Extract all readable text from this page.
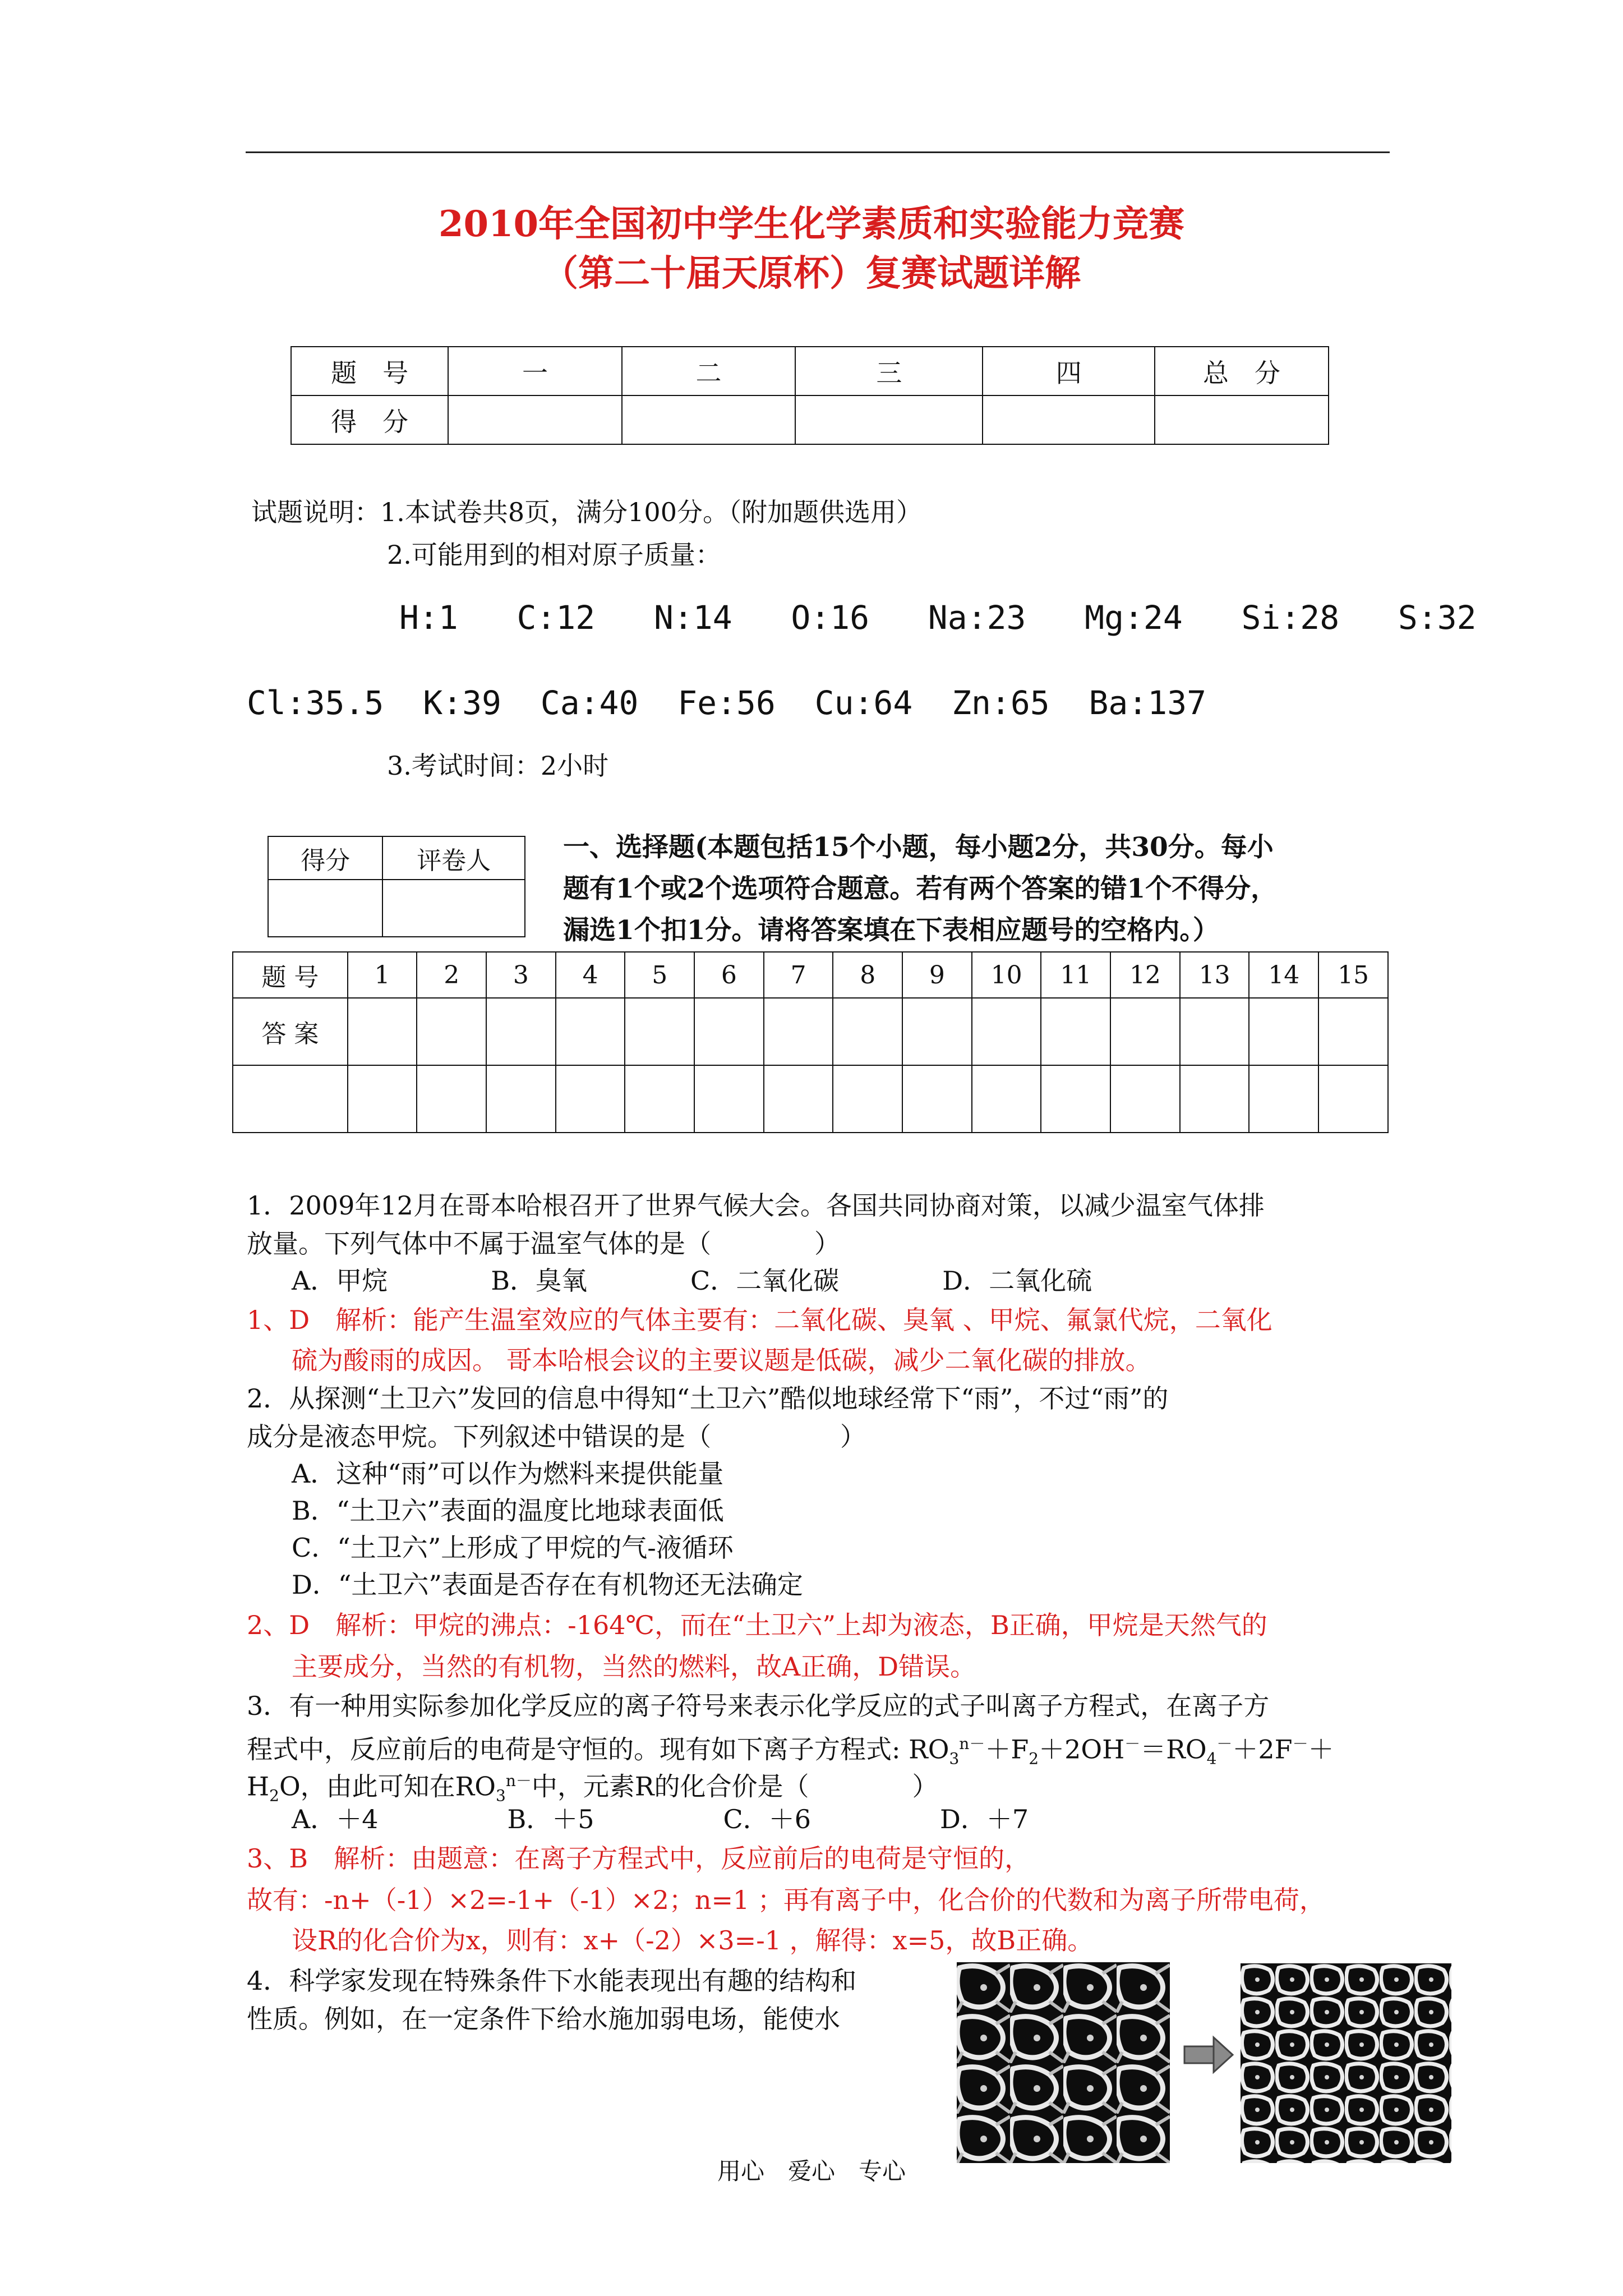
2010年全国初中学生化学素质和实验能力竞赛
（第二十届天原杯）复赛试题详解
题　号	一	二	三	四	总　分
得　分					
试题说明：1.本试卷共8页，满分100分。（附加题供选用）
2.可能用到的相对原子质量：
H:1   C:12   N:14   O:16   Na:23   Mg:24   Si:28   S:32
Cl:35.5  K:39  Ca:40  Fe:56  Cu:64  Zn:65  Ba:137
3.考试时间：2小时
得分	评卷人
		一、选择题(本题包括15个小题，每小题2分，共30分。每小
题有1个或2个选项符合题意。若有两个答案的错1个不得分，
漏选1个扣1分。请将答案填在下表相应题号的空格内。）
题 号	1	2	3	4	5	6	7	8	9	10	11	12	13	14	15
答 案															

1．2009年12月在哥本哈根召开了世界气候大会。各国共同协商对策，以减少温室气体排
放量。下列气体中不属于温室气体的是（　　　　）
A．甲烷　　　　B．臭氧　　　　C．二氧化碳　　　　D．二氧化硫
1、D　解析：能产生温室效应的气体主要有：二氧化碳、臭氧 、甲烷、氟氯代烷，二氧化
硫为酸雨的成因。 哥本哈根会议的主要议题是低碳，减少二氧化碳的排放。
2．从探测“土卫六”发回的信息中得知“土卫六”酷似地球经常下“雨”，不过“雨”的
成分是液态甲烷。下列叙述中错误的是（　　　　　）
A．这种“雨”可以作为燃料来提供能量
B．“土卫六”表面的温度比地球表面低
C．“土卫六”上形成了甲烷的气-液循环
D．“土卫六”表面是否存在有机物还无法确定
2、D　解析：甲烷的沸点：-164℃，而在“土卫六”上却为液态，B正确，甲烷是天然气的
主要成分，当然的有机物，当然的燃料，故A正确，D错误。
3．有一种用实际参加化学反应的离子符号来表示化学反应的式子叫离子方程式，在离子方
程式中，反应前后的电荷是守恒的。现有如下离子方程式: $RO_3^{n-}+F_2+2OH^-=RO_4^-+2F^-+$
$H_2O$，由此可知在$RO_3^{n-}$中，元素R的化合价是（　　　　）
A．＋4　　　　　B．＋5　　　　　C．＋6　　　　　D．＋7
3、B　解析：由题意：在离子方程式中，反应前后的电荷是守恒的，
故有：-n+（-1）×2=-1+（-1）×2；n=1 ；再有离子中，化合价的代数和为离子所带电荷，
设R的化合价为x，则有：x+（-2）×3=-1 ，解得：x=5，故B正确。
4．科学家发现在特殊条件下水能表现出有趣的结构和
性质。例如，在一定条件下给水施加弱电场，能使水
用心　爱心　专心
